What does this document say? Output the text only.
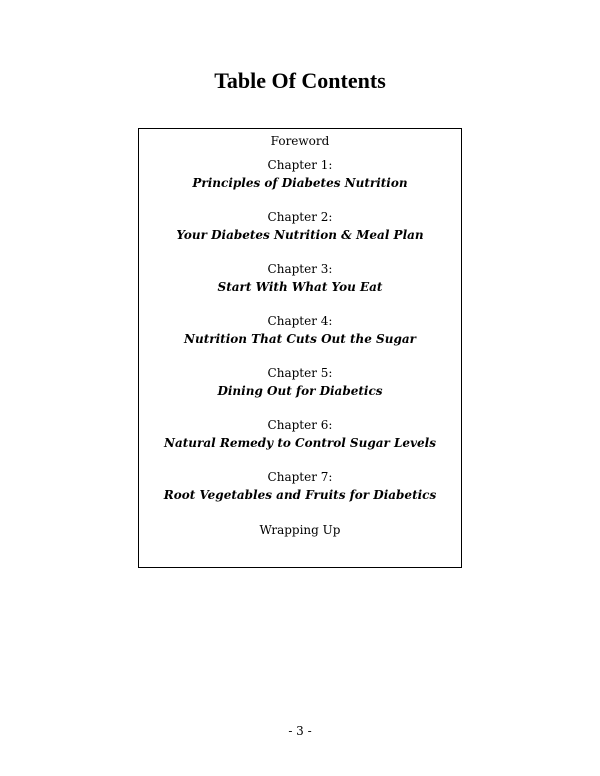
Table Of Contents
Foreword
Chapter 1:
Principles of Diabetes Nutrition
Chapter 2:
Your Diabetes Nutrition & Meal Plan
Chapter 3:
Start With What You Eat
Chapter 4:
Nutrition That Cuts Out the Sugar
Chapter 5:
Dining Out for Diabetics
Chapter 6:
Natural Remedy to Control Sugar Levels
Chapter 7:
Root Vegetables and Fruits for Diabetics
Wrapping Up
- 3 -
